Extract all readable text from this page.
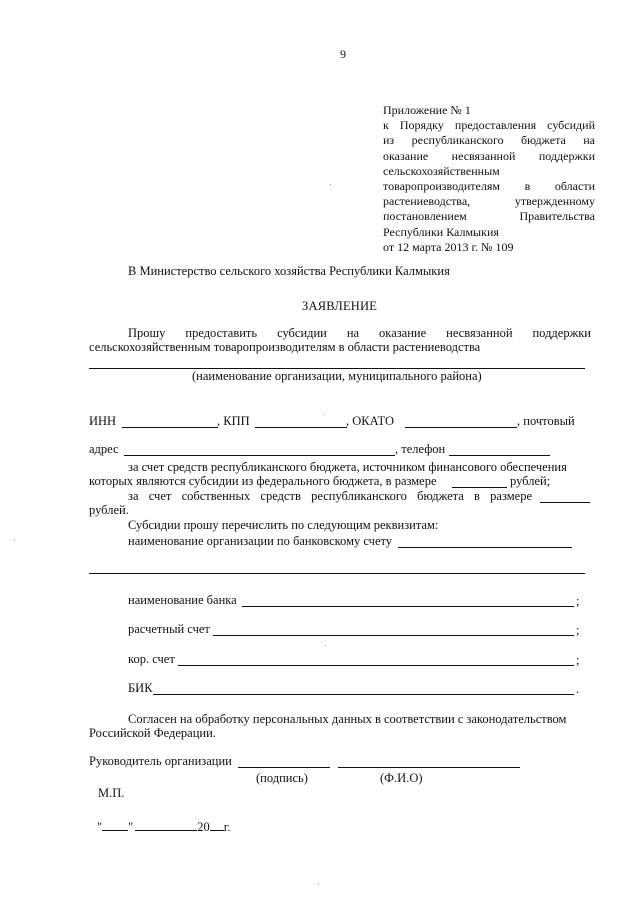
9
Приложение № 1
к Порядку предоставления субсидий
из республиканского бюджета на
оказание несвязанной поддержки
сельскохозяйственным
товаропроизводителям в области
растениеводства, утвержденному
постановлением Правительства
Республики Калмыкия
от 12 марта 2013 г. № 109
В Министерство сельского хозяйства Республики Калмыкия
ЗАЯВЛЕНИЕ
Прошу предоставить субсидии на оказание несвязанной поддержки
сельскохозяйственным товаропроизводителям в области растениеводства
(наименование организации, муниципального района)
ИНН	, КПП	, ОКАТО	, почтовый
адрес	, телефон
за счет средств республиканского бюджета, источником финансового обеспечения
которых являются субсидии из федерального бюджета, в размере	рублей;
за счет собственных средств республиканского бюджета в размере
рублей.
Субсидии прошу перечислить по следующим реквизитам:
наименование организации по банковскому счету
наименование банка	;
расчетный счет	;
кор. счет	;
БИК	.
Согласен на обработку персональных данных в соответствии с законодательством
Российской Федерации.
Руководитель организации
(подпись)	(Ф.И.О)
М.П.
" "	20 г.
